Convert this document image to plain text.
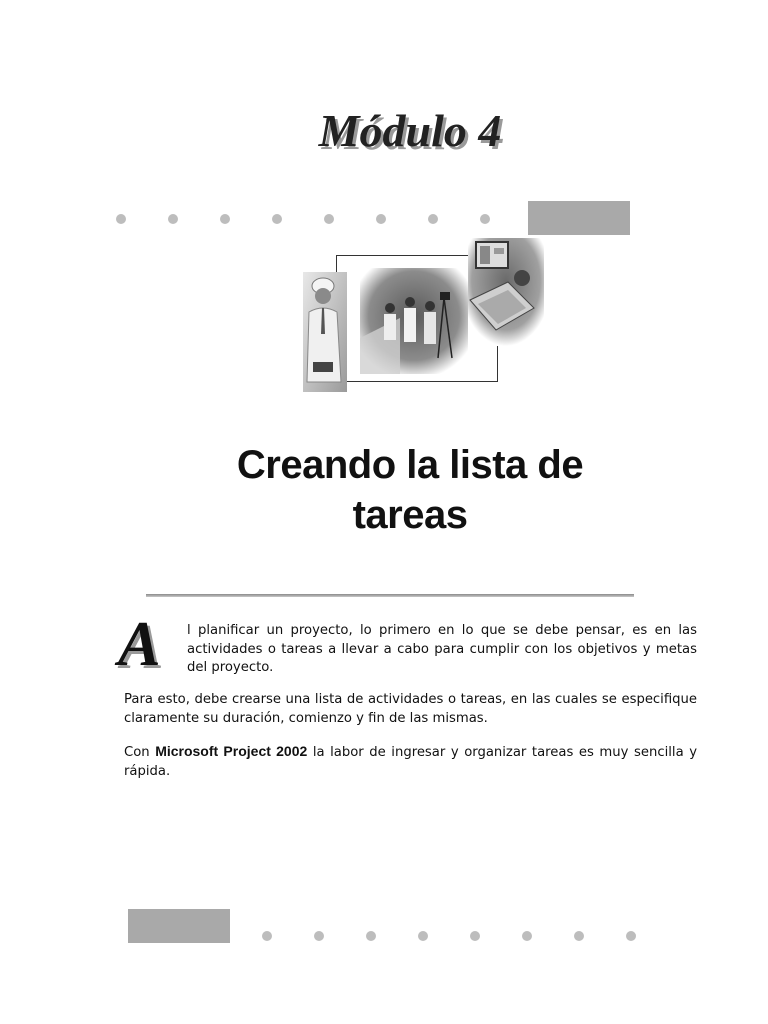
Módulo 4
Creando la lista de
tareas
A	l planificar un proyecto, lo primero en lo que se debe pensar, es en las actividades o tareas a llevar a cabo para cumplir con los objetivos y metas del proyecto.
Para esto, debe crearse una lista de actividades o tareas, en las cuales se especifique claramente su duración, comienzo y fin de las mismas.
Con Microsoft Project 2002 la labor de ingresar y organizar tareas es muy sencilla y rápida.
